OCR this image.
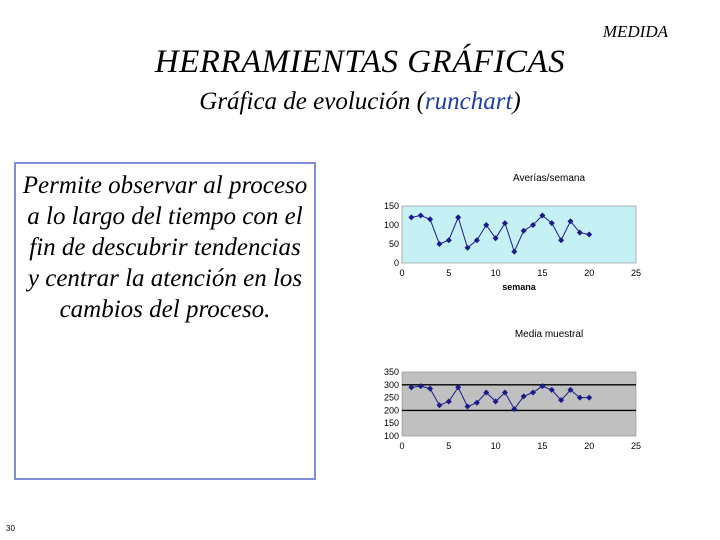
MEDIDA
HERRAMIENTAS GRÁFICAS
Gráfica de evolución (runchart)
Permite observar al proceso a lo largo del tiempo con el fin de descubrir tendencias y centrar la atención en los cambios del proceso.
Averías/semana
0
50
100
150
0	5	10	15	20	25
semana
Media muestral
100
150
200
250
300
350
0	5	10	15	20	25
30
